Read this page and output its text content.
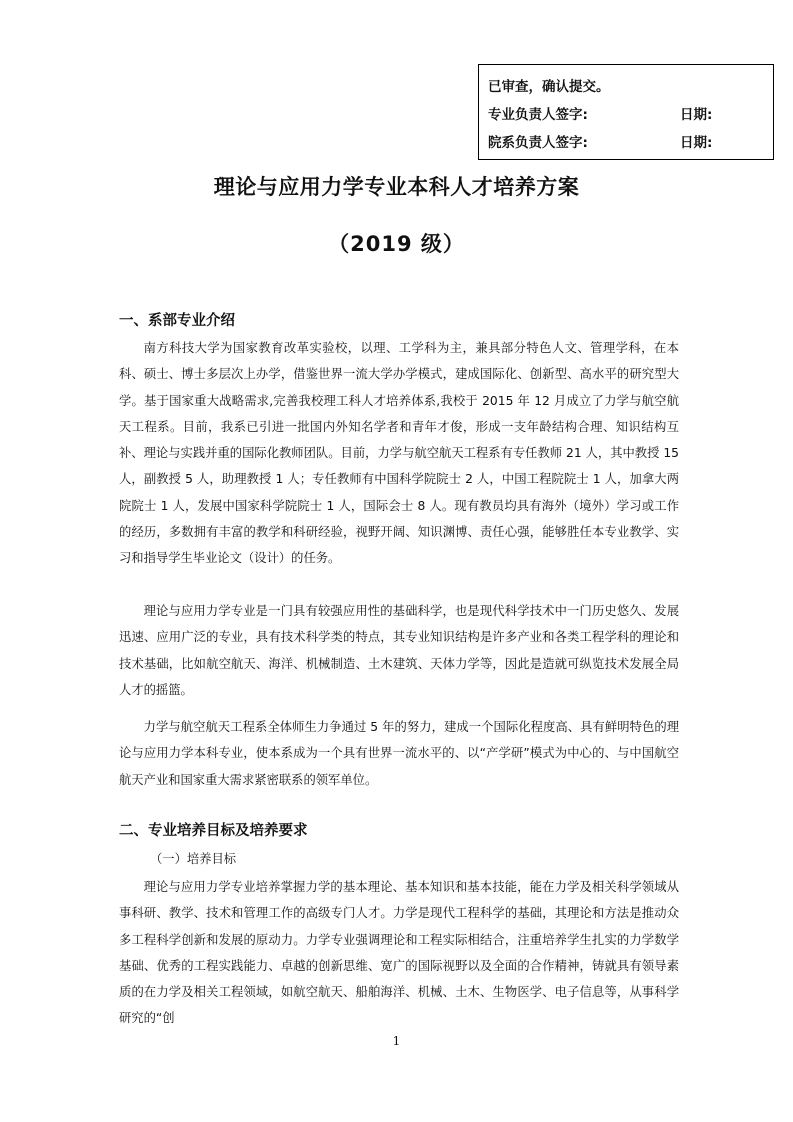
已审查，确认提交。
专业负责人签字:	日期:
院系负责人签字:	日期:
理论与应用力学专业本科人才培养方案
（2019 级）
一、系部专业介绍

南方科技大学为国家教育改革实验校，以理、工学科为主，兼具部分特色人文、管理学科，在本科、硕士、博士多层次上办学，借鉴世界一流大学办学模式，建成国际化、创新型、高水平的研究型大学。基于国家重大战略需求,完善我校理工科人才培养体系,我校于 2015 年 12 月成立了力学与航空航天工程系。目前，我系已引进一批国内外知名学者和青年才俊，形成一支年龄结构合理、知识结构互补、理论与实践并重的国际化教师团队。目前，力学与航空航天工程系有专任教师 21 人，其中教授 15 人，副教授 5 人，助理教授 1 人；专任教师有中国科学院院士 2 人，中国工程院院士 1 人，加拿大两院院士 1 人，发展中国家科学院院士 1 人，国际会士 8 人。现有教员均具有海外（境外）学习或工作的经历，多数拥有丰富的教学和科研经验，视野开阔、知识渊博、责任心强，能够胜任本专业教学、实习和指导学生毕业论文（设计）的任务。

理论与应用力学专业是一门具有较强应用性的基础科学，也是现代科学技术中一门历史悠久、发展迅速、应用广泛的专业，具有技术科学类的特点，其专业知识结构是许多产业和各类工程学科的理论和技术基础，比如航空航天、海洋、机械制造、土木建筑、天体力学等，因此是造就可纵览技术发展全局人才的摇篮。

力学与航空航天工程系全体师生力争通过 5 年的努力，建成一个国际化程度高、具有鲜明特色的理论与应用力学本科专业，使本系成为一个具有世界一流水平的、以“产学研”模式为中心的、与中国航空航天产业和国家重大需求紧密联系的领军单位。

二、专业培养目标及培养要求
（一）培养目标

理论与应用力学专业培养掌握力学的基本理论、基本知识和基本技能，能在力学及相关科学领域从事科研、教学、技术和管理工作的高级专门人才。力学是现代工程科学的基础，其理论和方法是推动众多工程科学创新和发展的原动力。力学专业强调理论和工程实际相结合，注重培养学生扎实的力学数学基础、优秀的工程实践能力、卓越的创新思维、宽广的国际视野以及全面的合作精神，铸就具有领导素质的在力学及相关工程领域，如航空航天、船舶海洋、机械、土木、生物医学、电子信息等，从事科学研究的“创

1
